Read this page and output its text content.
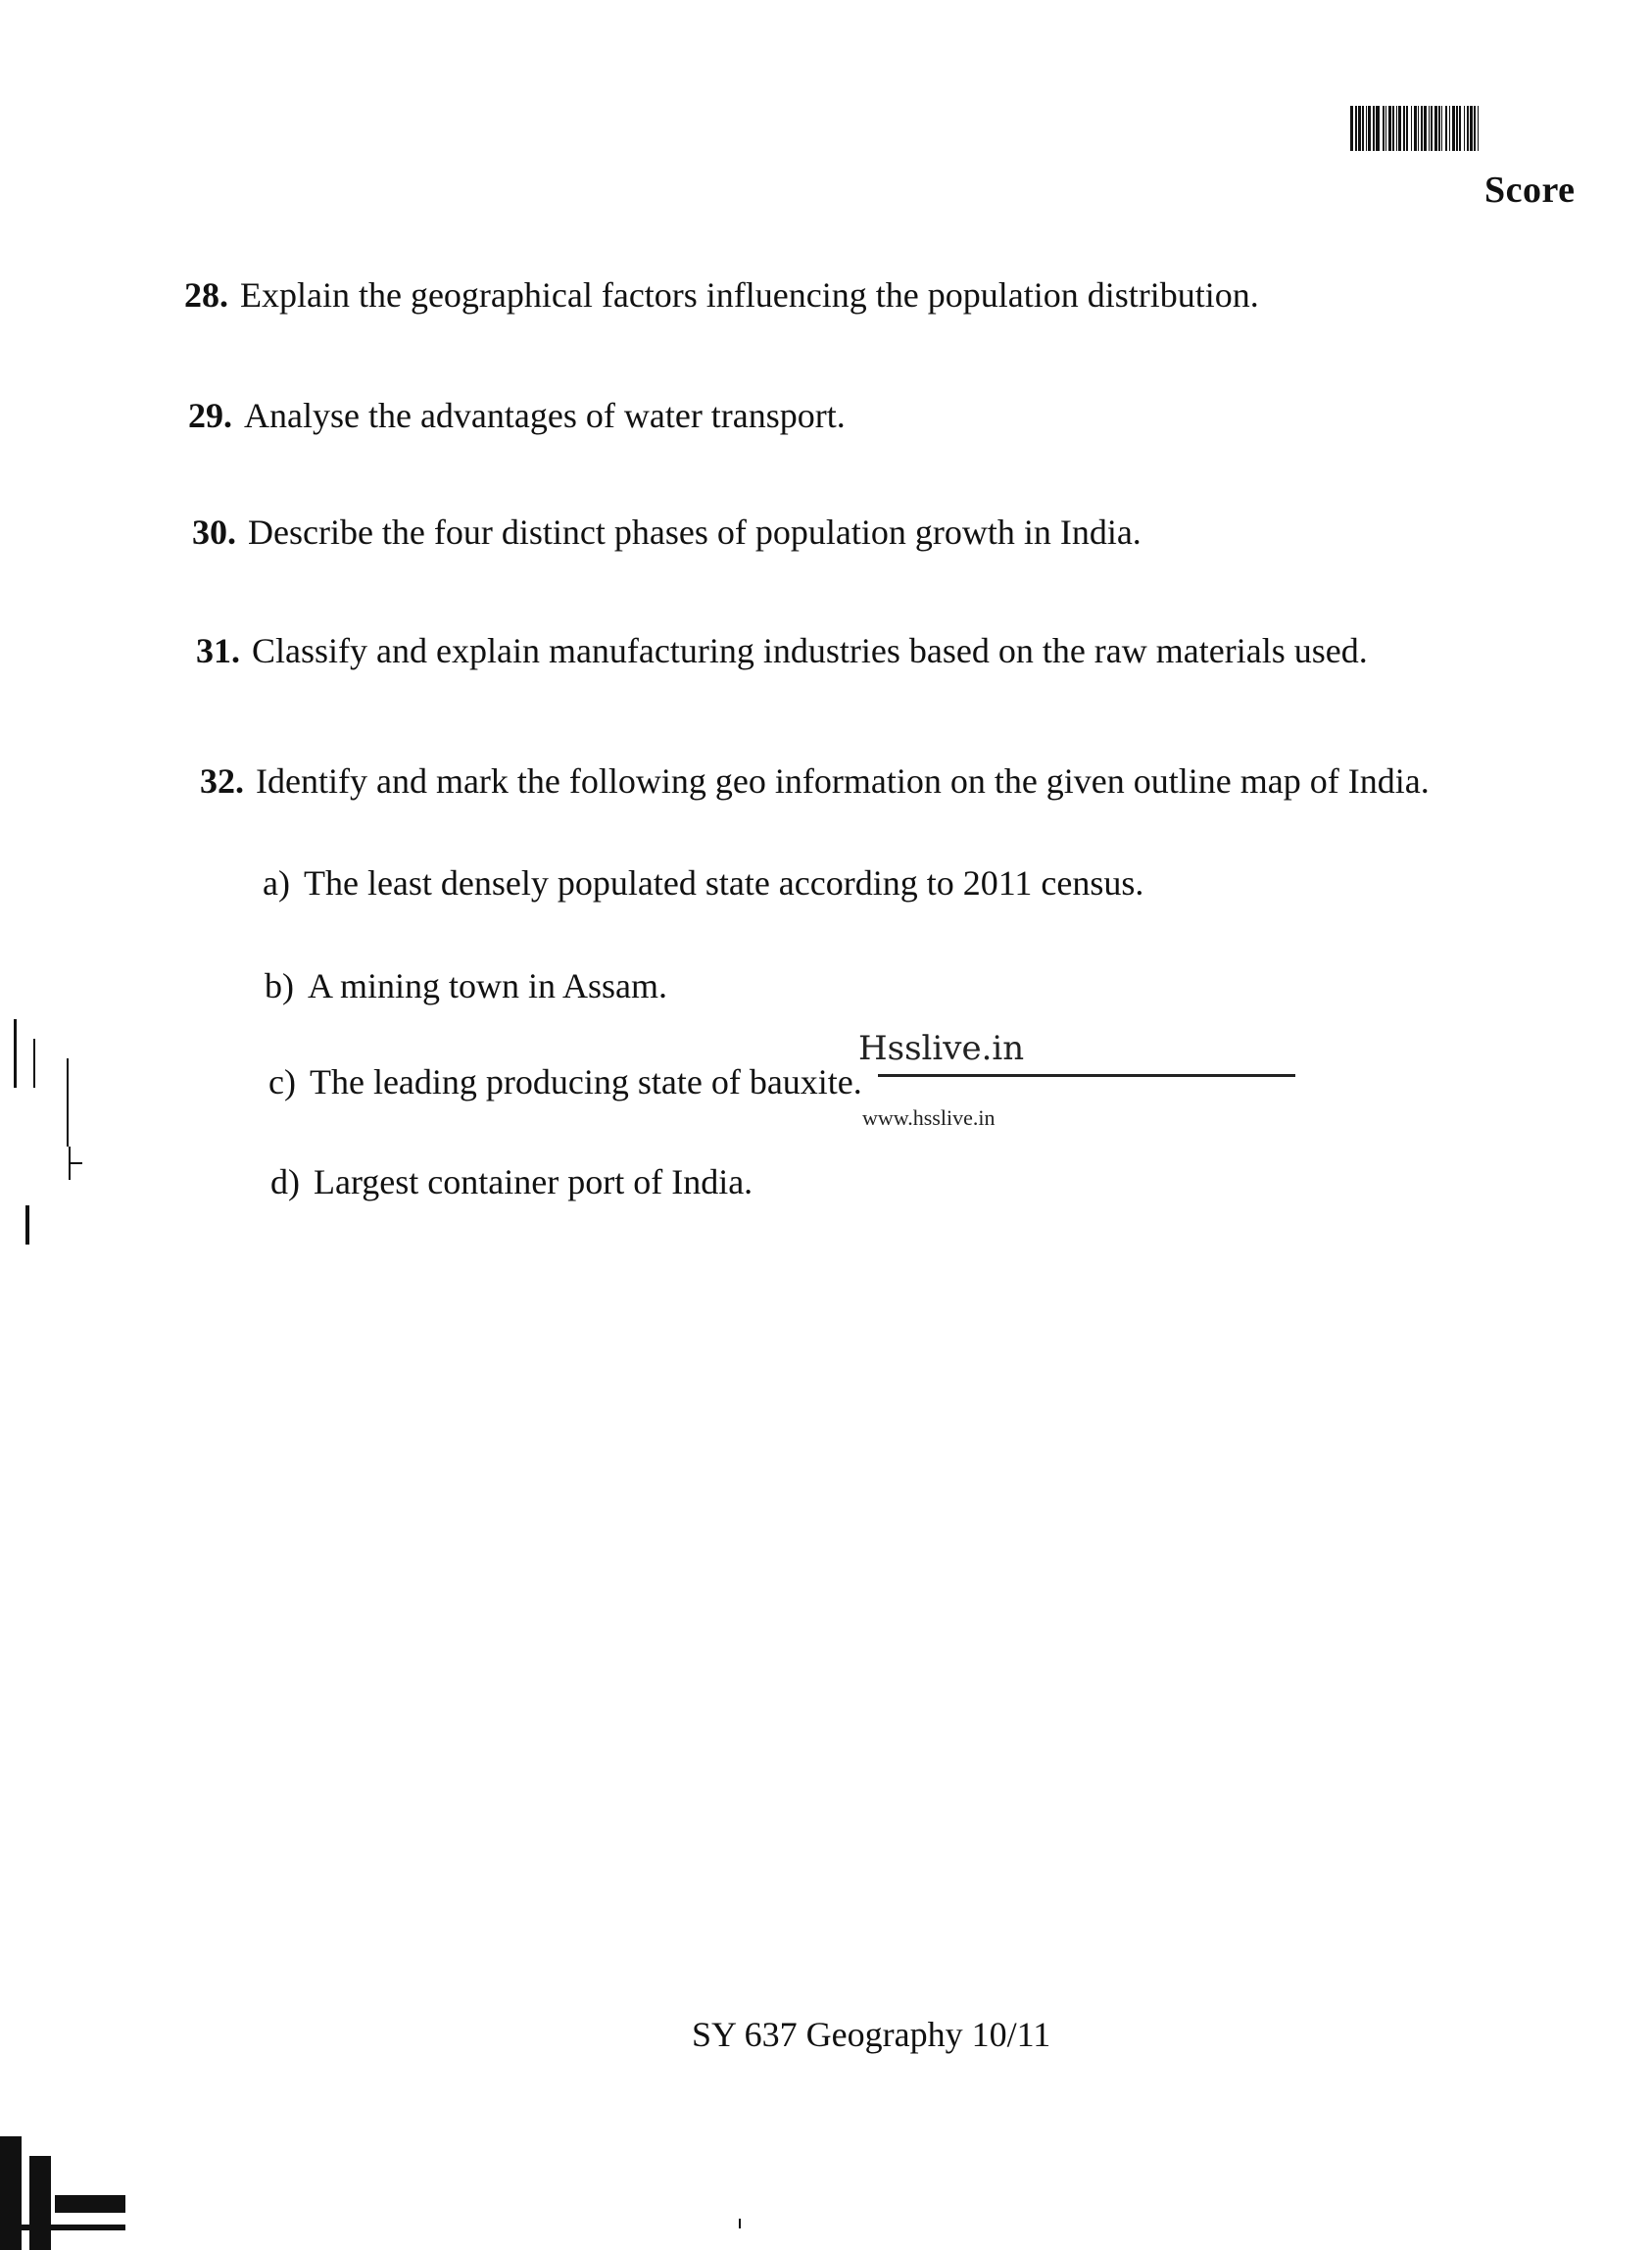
Score
28. Explain the geographical factors influencing the population distribution.
29. Analyse the advantages of water transport.
30. Describe the four distinct phases of population growth in India.
31. Classify and explain manufacturing industries based on the raw materials used.
32. Identify and mark the following geo information on the given outline map of India.
a) The least densely populated state according to 2011 census.
b) A mining town in Assam.
c) The leading producing state of bauxite.
d) Largest container port of India.
Hsslive.in
www.hsslive.in
SY 637 Geography 10/11
